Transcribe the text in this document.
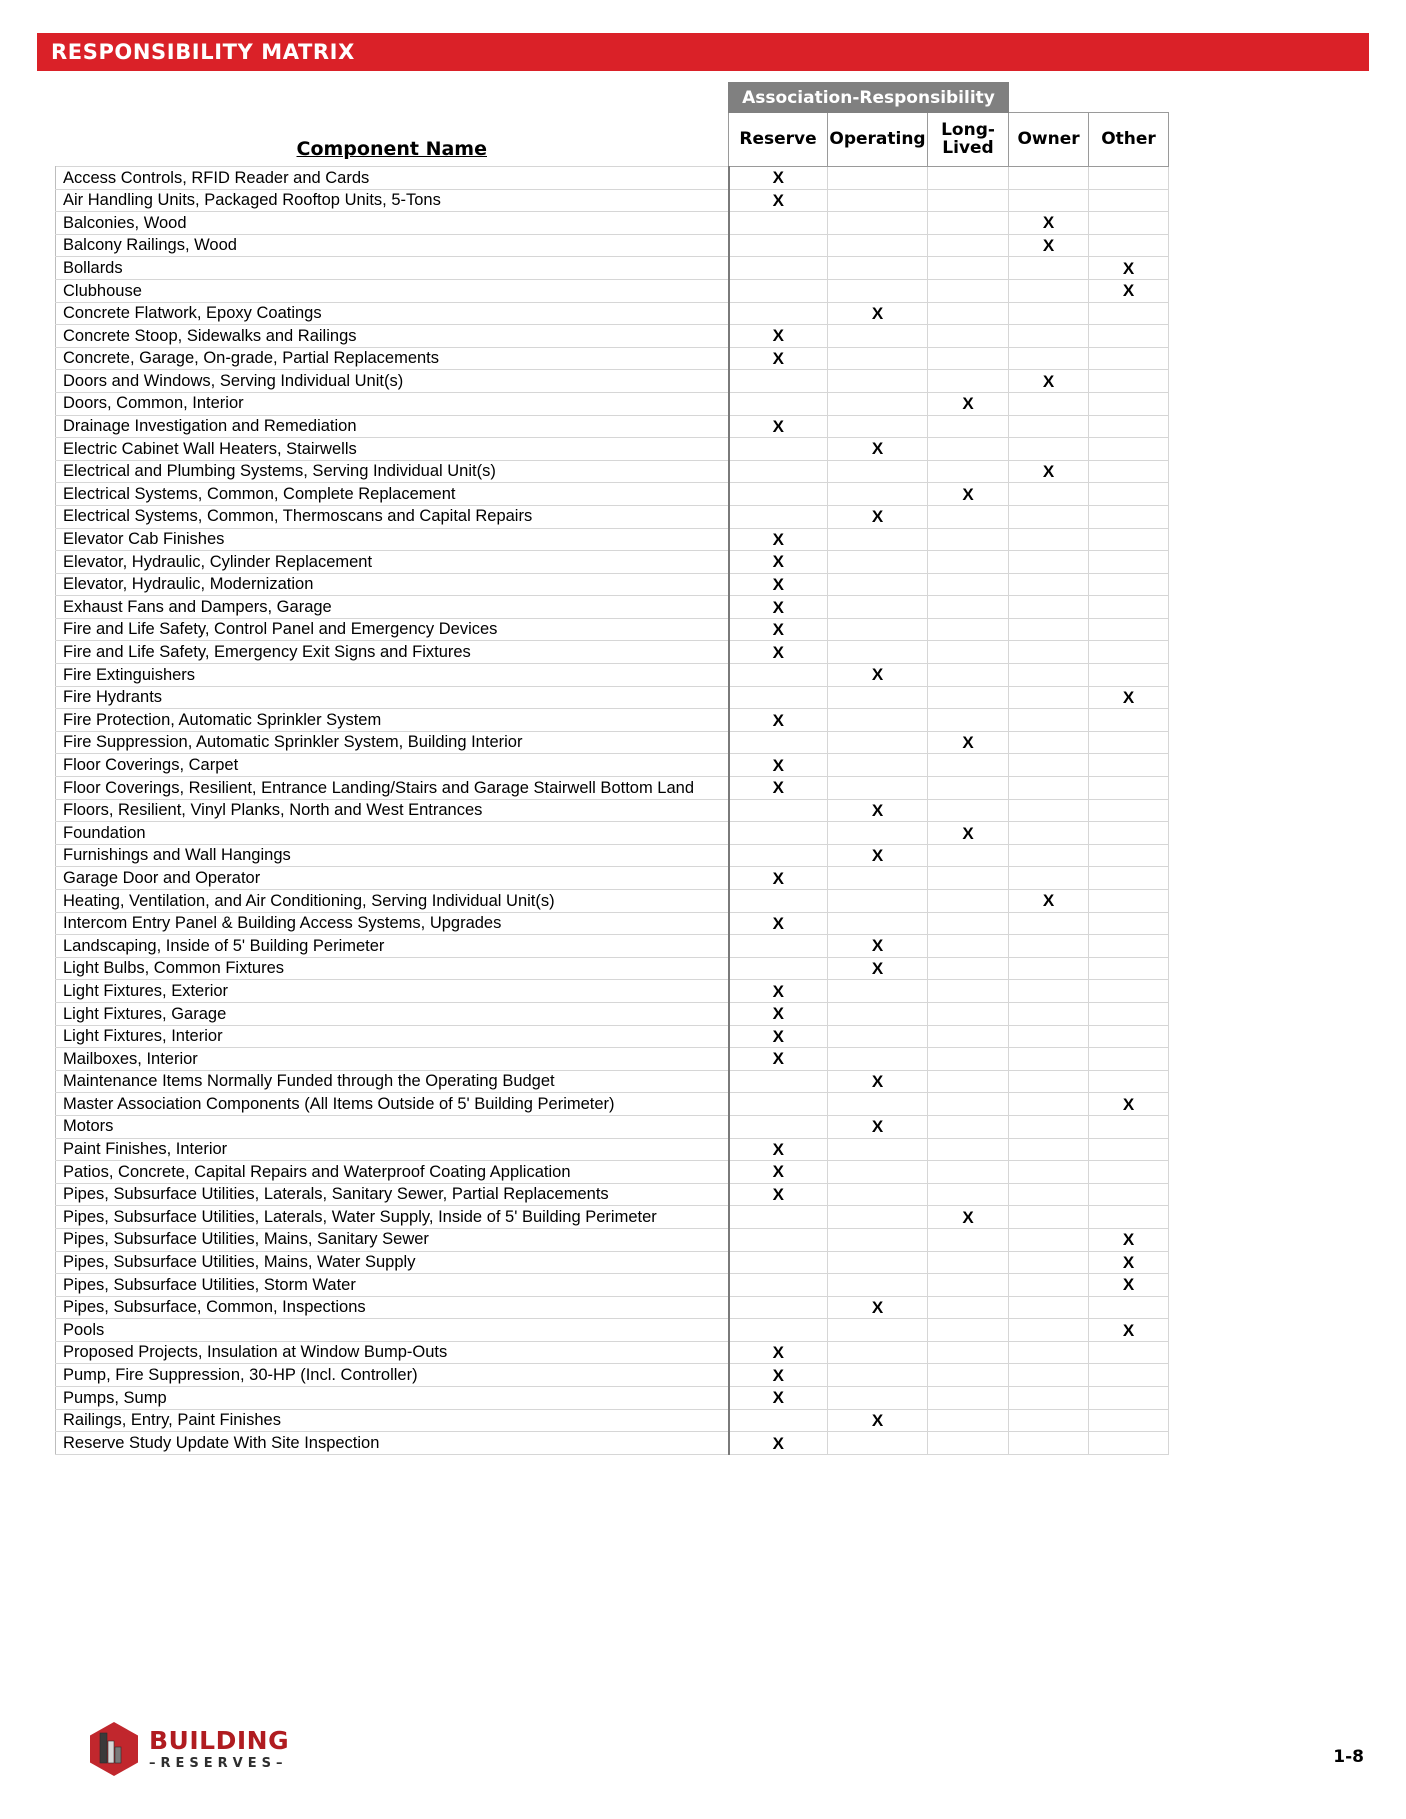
RESPONSIBILITY MATRIX
	Association-Responsibility				
Component Name	Reserve	Operating	Long-Lived	Owner	Other
Access Controls, RFID Reader and Cards	X				
Air Handling Units, Packaged Rooftop Units, 5-Tons	X				
Balconies, Wood				X	
Balcony Railings, Wood				X	
Bollards					X
Clubhouse					X
Concrete Flatwork, Epoxy Coatings		X			
Concrete Stoop, Sidewalks and Railings	X				
Concrete, Garage, On-grade, Partial Replacements	X				
Doors and Windows, Serving Individual Unit(s)				X	
Doors, Common, Interior			X		
Drainage Investigation and Remediation	X				
Electric Cabinet Wall Heaters, Stairwells		X			
Electrical and Plumbing Systems, Serving Individual Unit(s)				X	
Electrical Systems, Common, Complete Replacement			X		
Electrical Systems, Common, Thermoscans and Capital Repairs		X			
Elevator Cab Finishes	X				
Elevator, Hydraulic, Cylinder Replacement	X				
Elevator, Hydraulic, Modernization	X				
Exhaust Fans and Dampers, Garage	X				
Fire and Life Safety, Control Panel and Emergency Devices	X				
Fire and Life Safety, Emergency Exit Signs and Fixtures	X				
Fire Extinguishers		X			
Fire Hydrants					X
Fire Protection, Automatic Sprinkler System	X				
Fire Suppression, Automatic Sprinkler System, Building Interior			X		
Floor Coverings, Carpet	X				
Floor Coverings, Resilient, Entrance Landing/Stairs and Garage Stairwell Bottom Land	X				
Floors, Resilient, Vinyl Planks, North and West Entrances		X			
Foundation			X		
Furnishings and Wall Hangings		X			
Garage Door and Operator	X				
Heating, Ventilation, and Air Conditioning, Serving Individual Unit(s)				X	
Intercom Entry Panel & Building Access Systems, Upgrades	X				
Landscaping, Inside of 5' Building Perimeter		X			
Light Bulbs, Common Fixtures		X			
Light Fixtures, Exterior	X				
Light Fixtures, Garage	X				
Light Fixtures, Interior	X				
Mailboxes, Interior	X				
Maintenance Items Normally Funded through the Operating Budget		X			
Master Association Components (All Items Outside of 5' Building Perimeter)					X
Motors		X			
Paint Finishes, Interior	X				
Patios, Concrete, Capital Repairs and Waterproof Coating Application	X				
Pipes, Subsurface Utilities, Laterals, Sanitary Sewer, Partial Replacements	X				
Pipes, Subsurface Utilities, Laterals, Water Supply, Inside of 5' Building Perimeter			X		
Pipes, Subsurface Utilities, Mains, Sanitary Sewer					X
Pipes, Subsurface Utilities, Mains, Water Supply					X
Pipes, Subsurface Utilities, Storm Water					X
Pipes, Subsurface, Common, Inspections		X			
Pools					X
Proposed Projects, Insulation at Window Bump-Outs	X				
Pump, Fire Suppression, 30-HP (Incl. Controller)	X				
Pumps, Sump	X				
Railings, Entry, Paint Finishes		X			
Reserve Study Update With Site Inspection	X				
BUILDING
–RESERVES–	1-8
